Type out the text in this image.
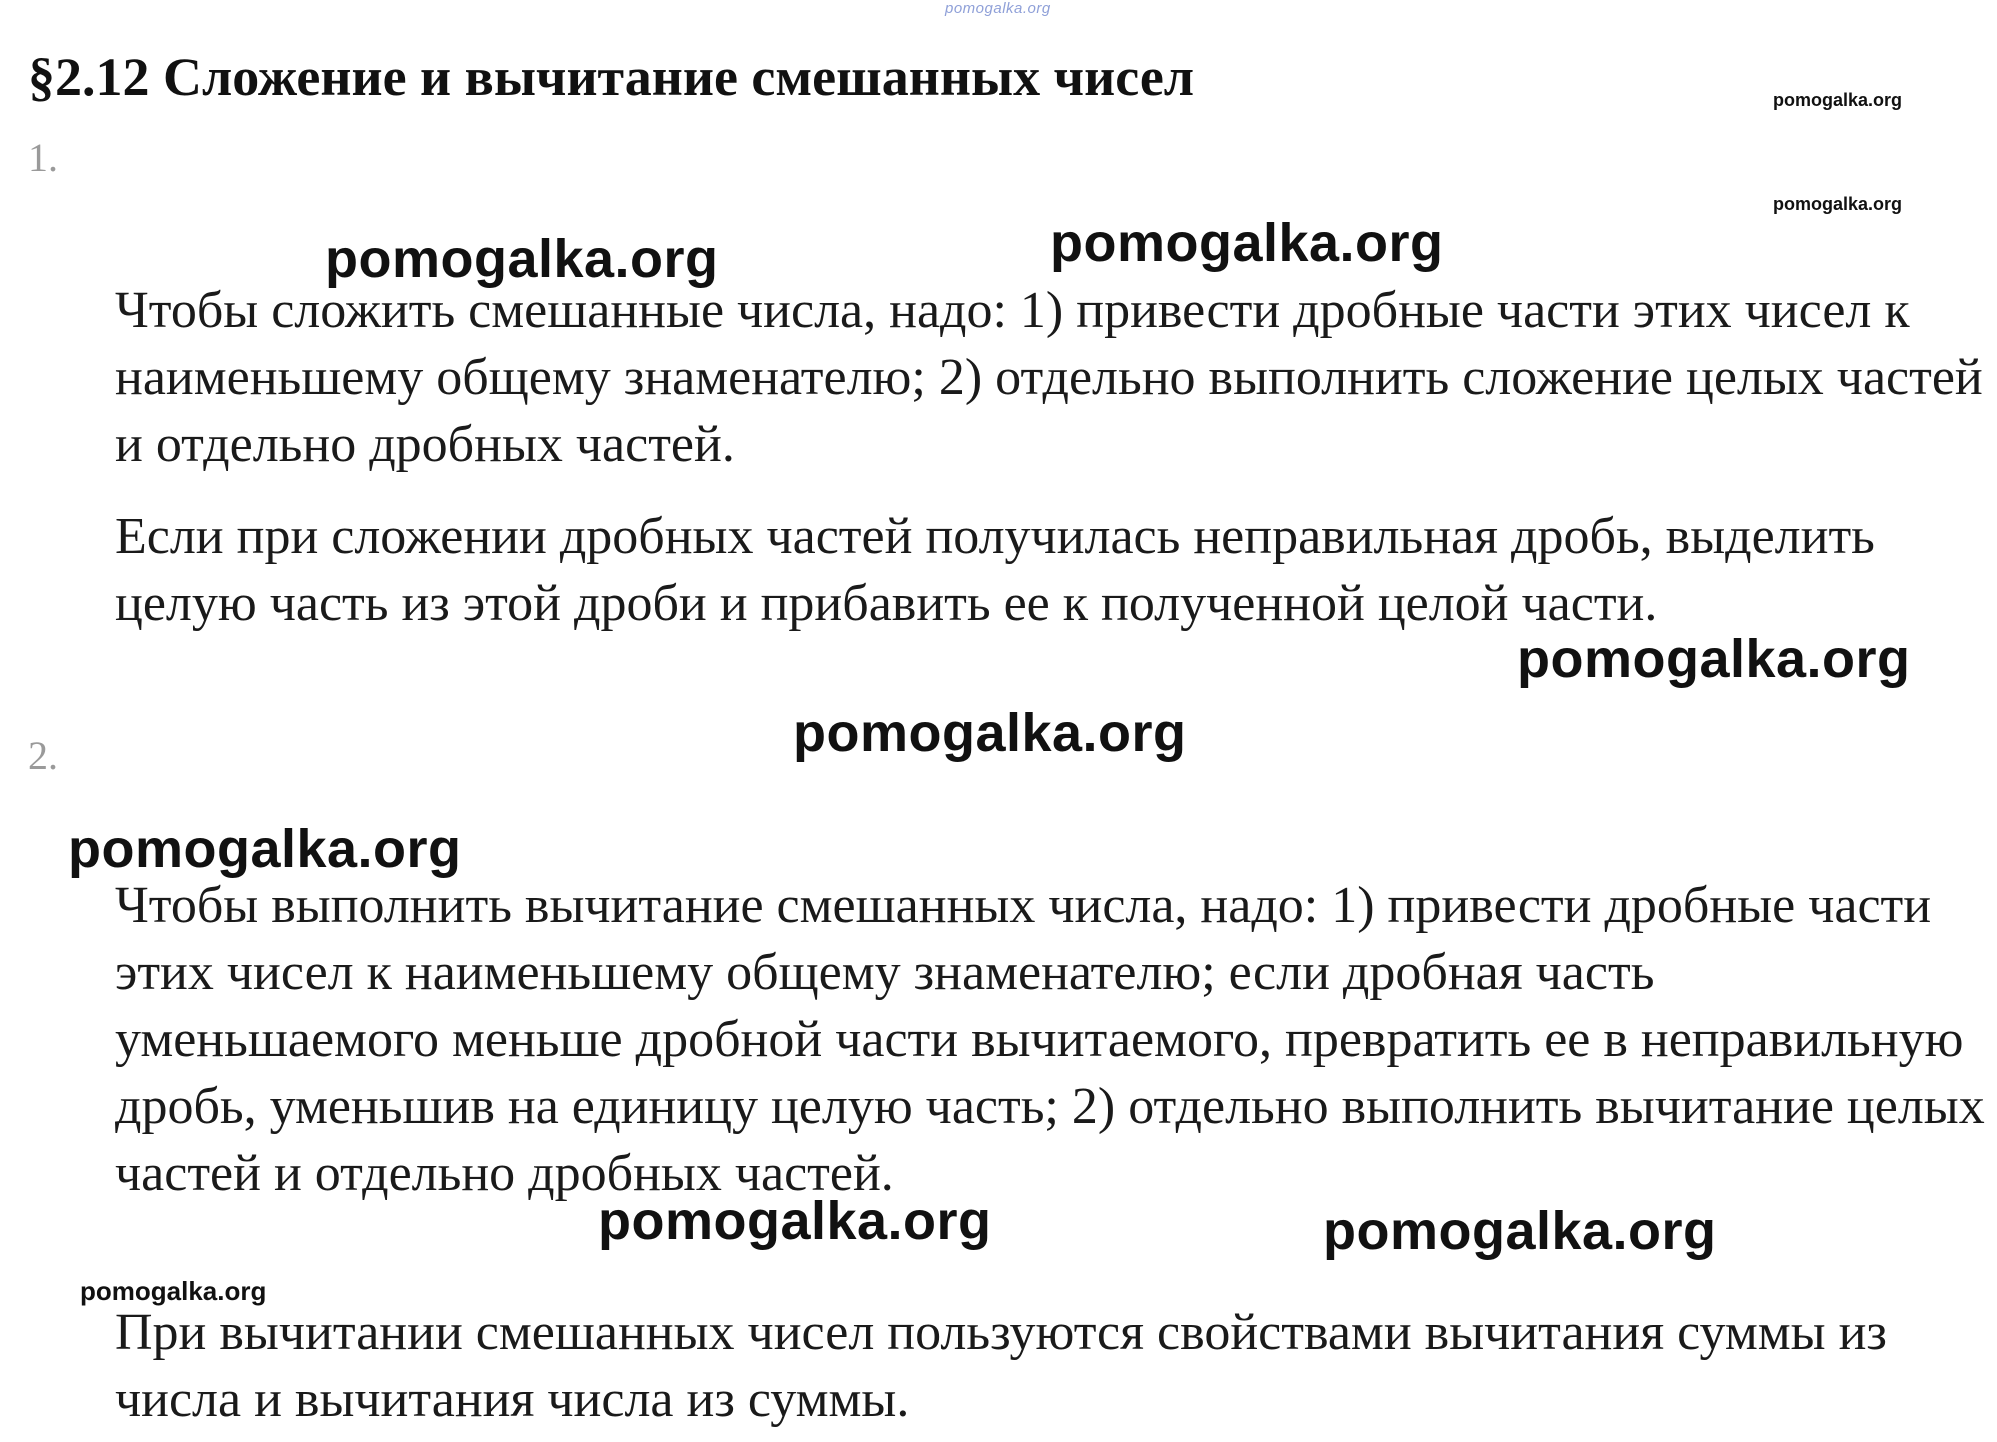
pomogalka.org
§2.12 Сложение и вычитание смешанных чисел
1.

Чтобы сложить смешанные числа, надо: 1) привести дробные части этих чисел к наименьшему общему знаменателю; 2) отдельно выполнить сложение целых частей и отдельно дробных частей.

Если при сложении дробных частей получилась неправильная дробь, выделить целую часть из этой дроби и прибавить ее к полученной целой части.

2.

Чтобы выполнить вычитание смешанных числа, надо: 1) привести дробные части этих чисел к наименьшему общему знаменателю; если дробная часть уменьшаемого меньше дробной части вычитаемого, превратить ее в неправильную дробь, уменьшив на единицу целую часть; 2) отдельно выполнить вычитание целых частей и отдельно дробных частей.

При вычитании смешанных чисел пользуются свойствами вычитания суммы из числа и вычитания числа из суммы.

pomogalka.org
pomogalka.org
pomogalka.org	pomogalka.org
pomogalka.org
pomogalka.org
pomogalka.org
pomogalka.org	pomogalka.org
pomogalka.org
